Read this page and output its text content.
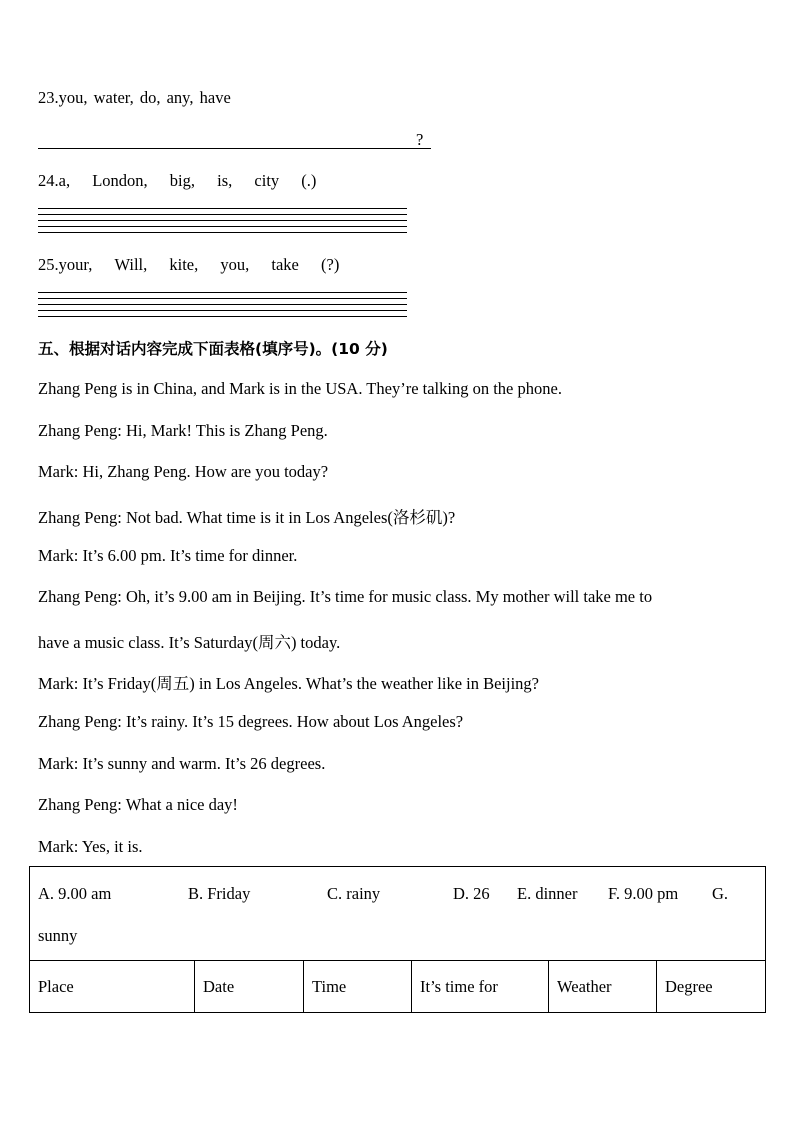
23.you, water, do, any, have
?
24.a, London, big, is, city (.)
25.your, Will, kite, you, take (?)
五、根据对话内容完成下面表格(填序号)。(10 分)
Zhang Peng is in China, and Mark is in the USA. They’re talking on the phone.
Zhang Peng: Hi, Mark! This is Zhang Peng.
Mark: Hi, Zhang Peng. How are you today?
Zhang Peng: Not bad. What time is it in Los Angeles(洛杉矶)?
Mark: It’s 6.00 pm. It’s time for dinner.
Zhang Peng: Oh, it’s 9.00 am in Beijing. It’s time for music class. My mother will take me to
have a music class. It’s Saturday(周六) today.
Mark: It’s Friday(周五) in Los Angeles. What’s the weather like in Beijing?
Zhang Peng: It’s rainy. It’s 15 degrees. How about Los Angeles?
Mark: It’s sunny and warm. It’s 26 degrees.
Zhang Peng: What a nice day!
Mark: Yes, it is.
A. 9.00 am	B. Friday	C. rainy	D. 26 E. dinner F. 9.00 pm G.
sunny

Place	Date	Time	It’s time for	Weather	Degree
